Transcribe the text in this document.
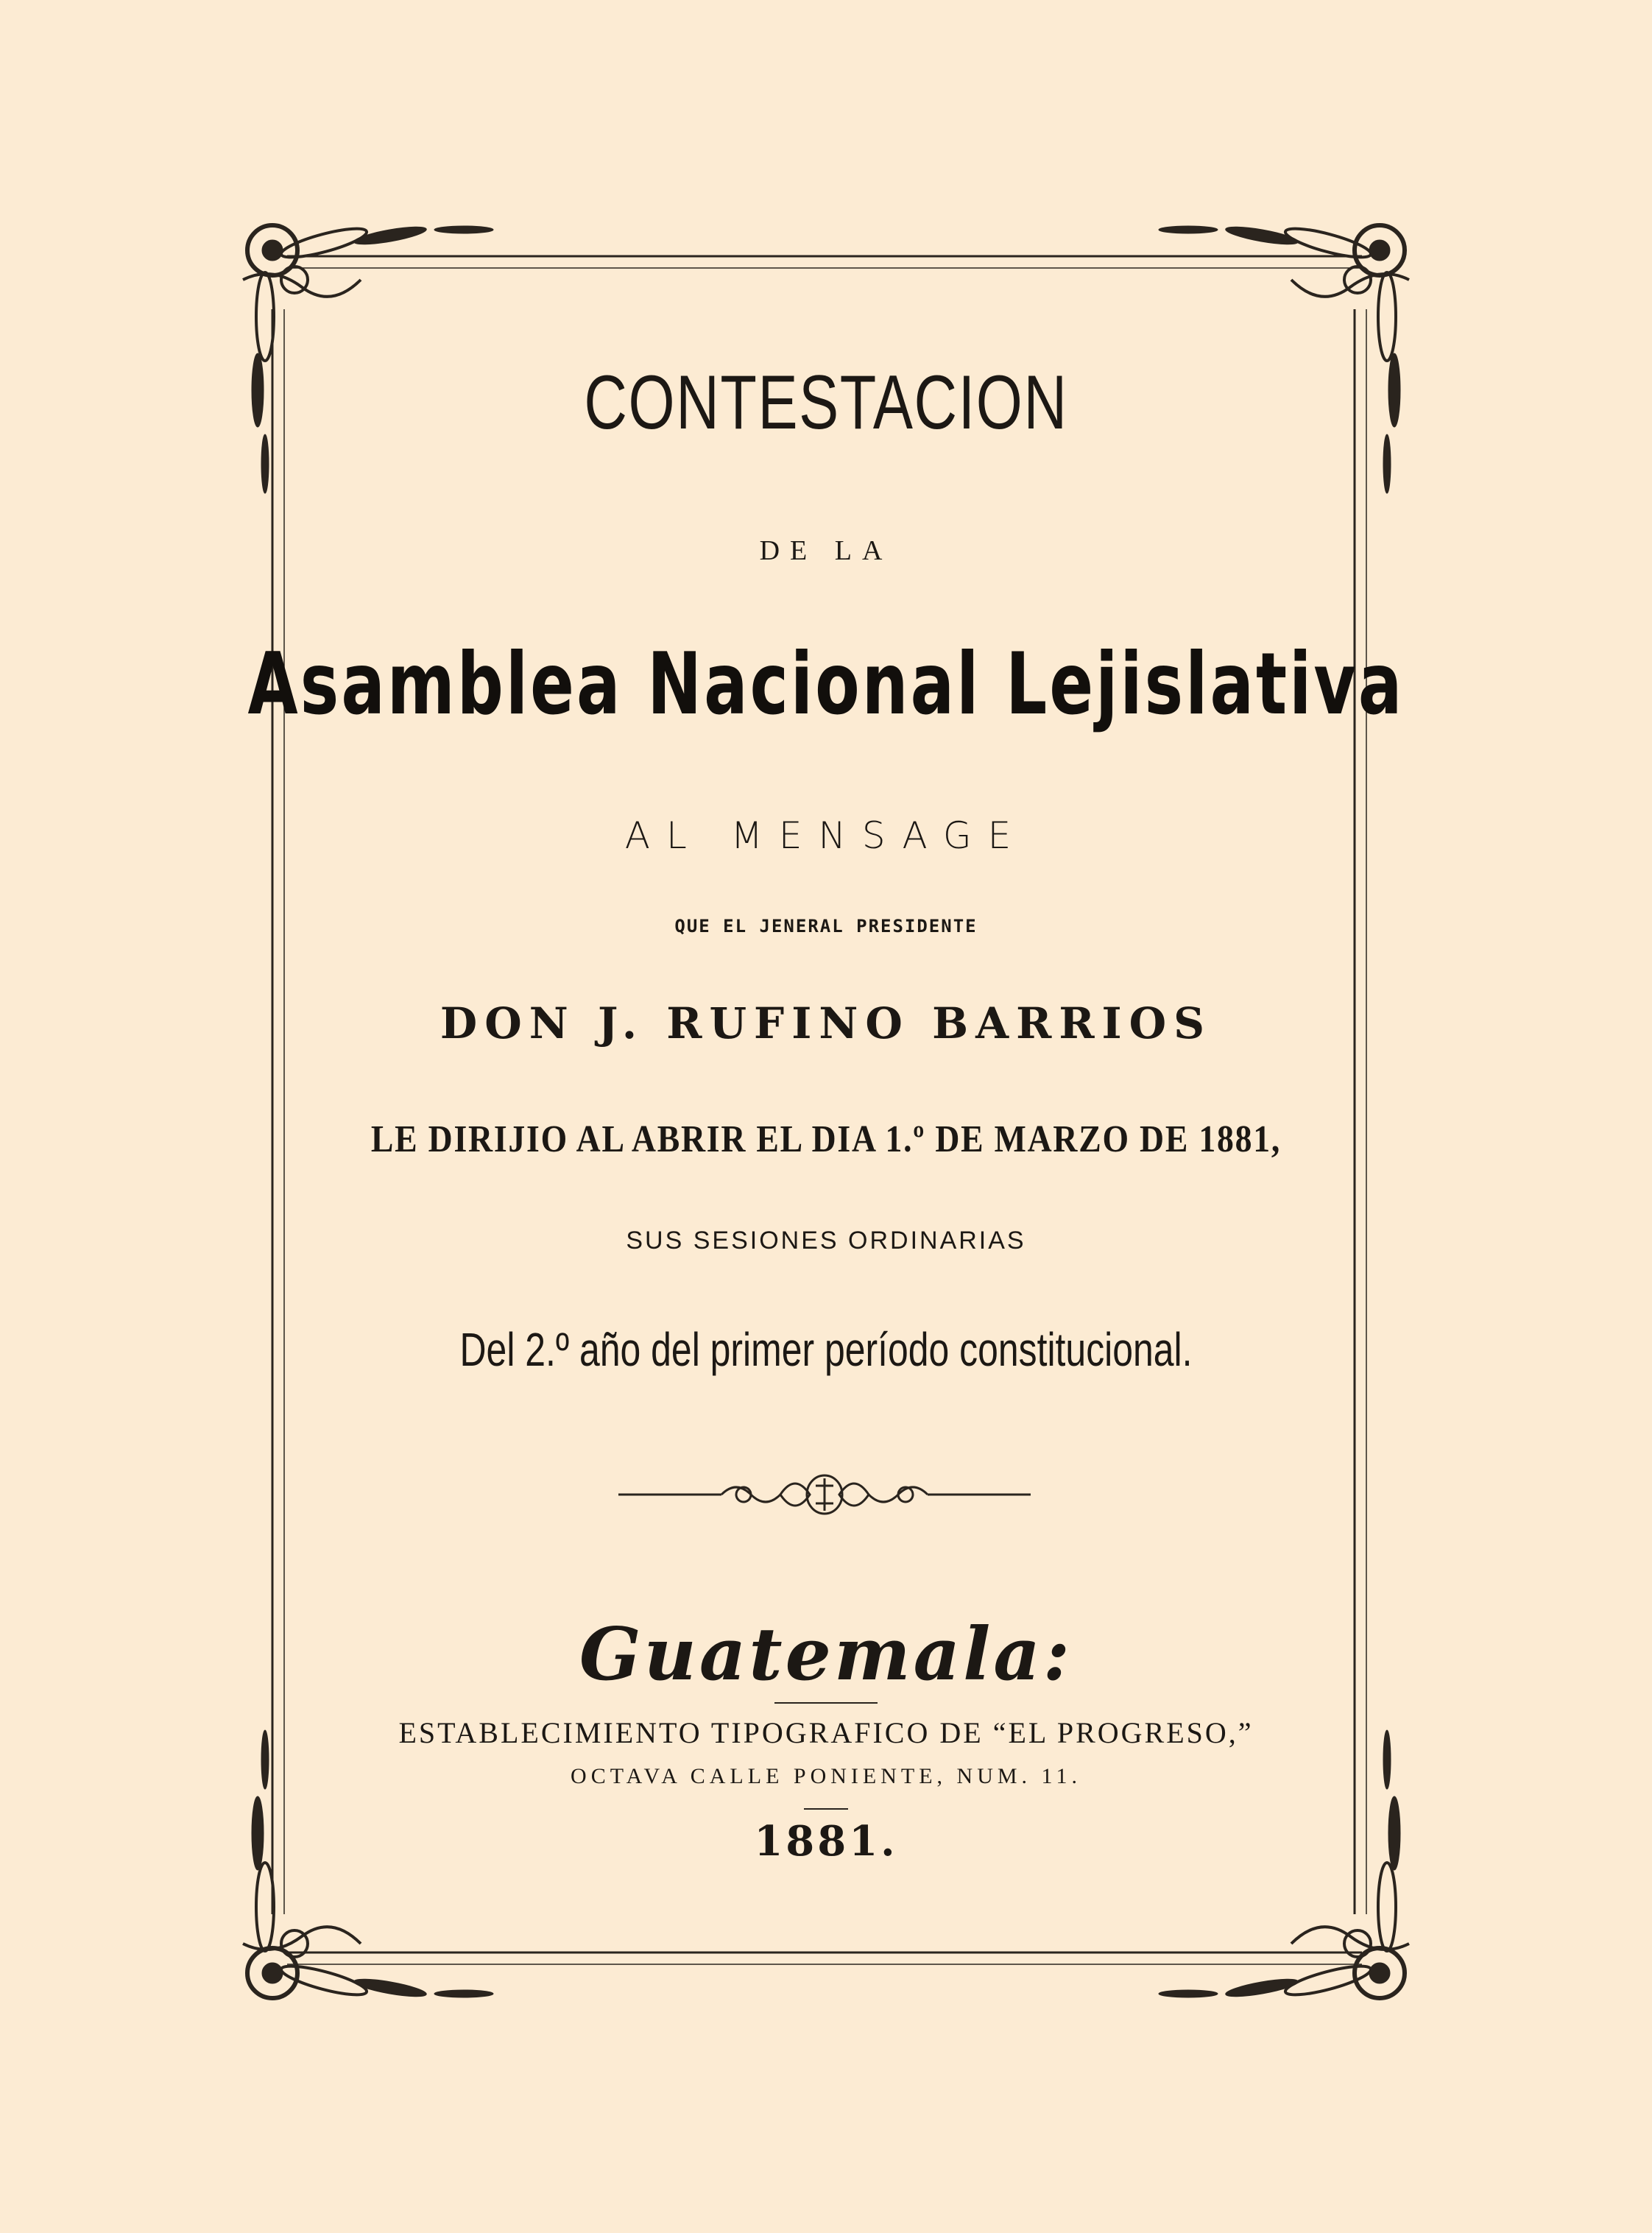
CONTESTACION
DE LA
Asamblea Nacional Lejislativa
AL MENSAGE
QUE EL JENERAL PRESIDENTE
DON J. RUFINO BARRIOS
LE DIRIJIO AL ABRIR EL DIA 1.º DE MARZO DE 1881,
SUS SESIONES ORDINARIAS
Del 2.º año del primer período constitucional.
Guatemala:
ESTABLECIMIENTO TIPOGRAFICO DE “EL PROGRESO,”
OCTAVA CALLE PONIENTE, NUM. 11.
1881.
